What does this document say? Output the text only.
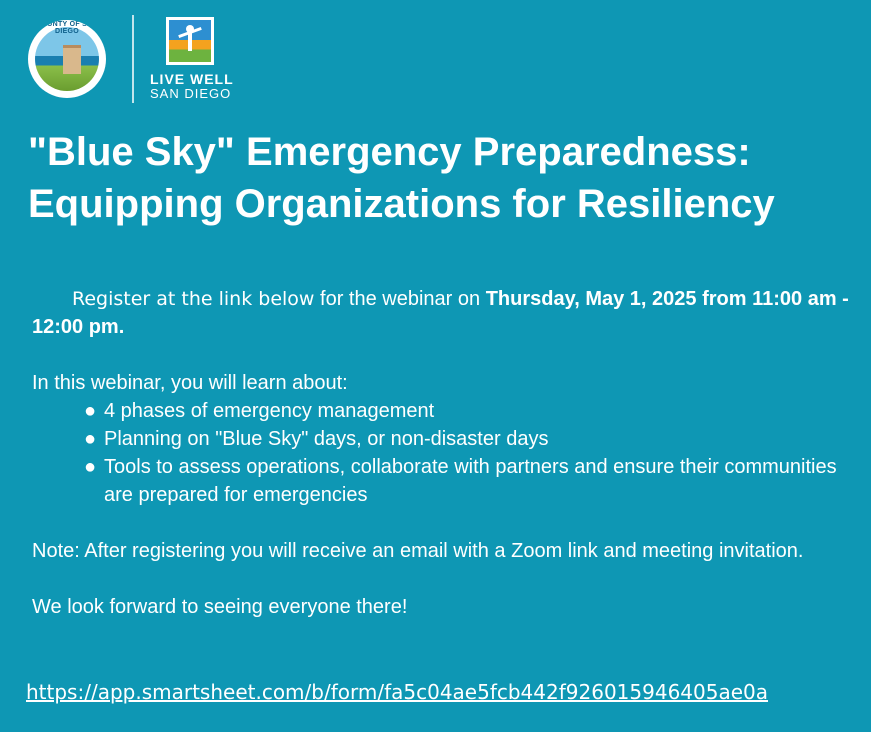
COUNTY OF SAN DIEGO
LIVE WELL
SAN DIEGO
"Blue Sky" Emergency Preparedness: Equipping Organizations for Resiliency

Register at the link below for the webinar on Thursday, May 1, 2025 from 11:00 am - 12:00 pm.

In this webinar, you will learn about:

● 4 phases of emergency management
● Planning on "Blue Sky" days, or non-disaster days
● Tools to assess operations, collaborate with partners and ensure their communities are prepared for emergencies

Note: After registering you will receive an email with a Zoom link and meeting invitation.

We look forward to seeing everyone there!

https://app.smartsheet.com/b/form/fa5c04ae5fcb442f926015946405ae0a
